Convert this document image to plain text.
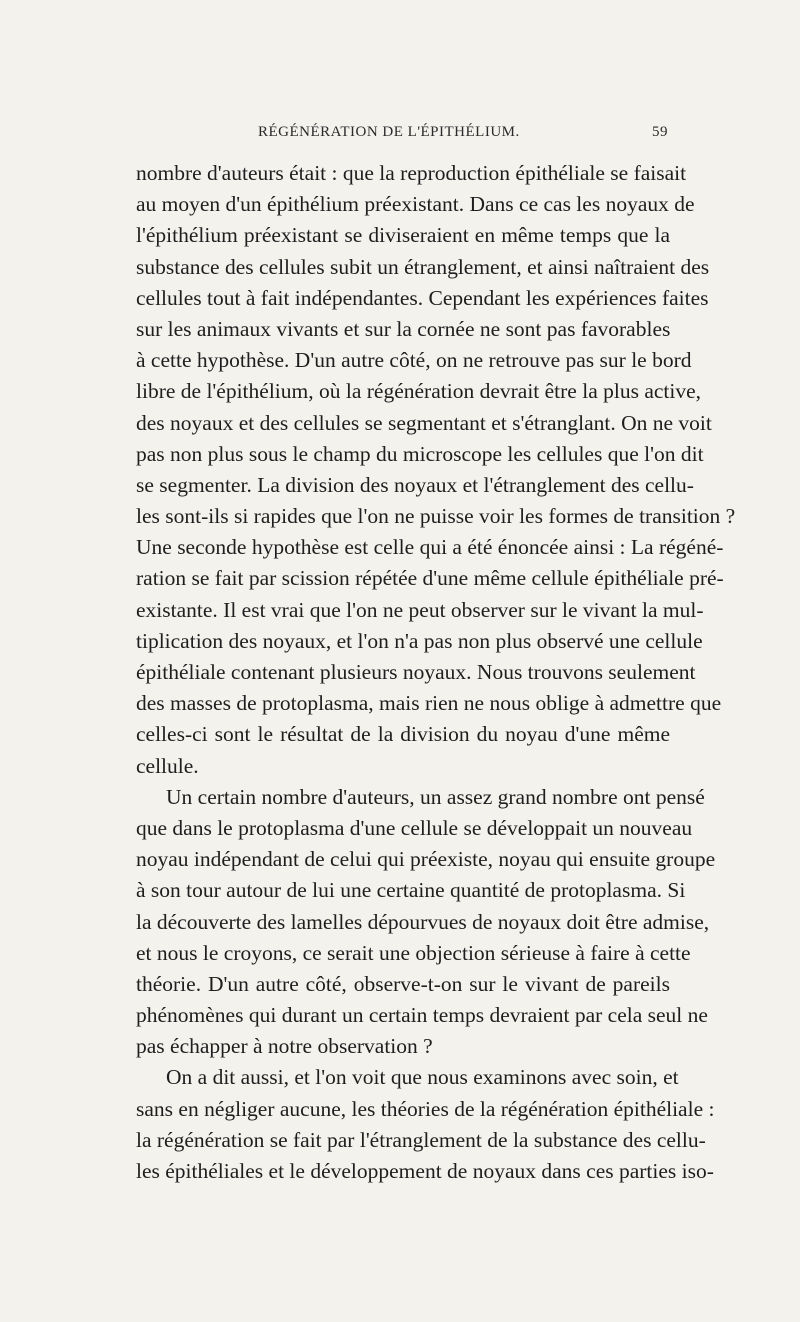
RÉGÉNÉRATION DE L'ÉPITHÉLIUM.	59
nombre d'auteurs était : que la reproduction épithéliale se faisait
au moyen d'un épithélium préexistant. Dans ce cas les noyaux de
l'épithélium préexistant se diviseraient en même temps que la
substance des cellules subit un étranglement, et ainsi naîtraient des
cellules tout à fait indépendantes. Cependant les expériences faites
sur les animaux vivants et sur la cornée ne sont pas favorables
à cette hypothèse. D'un autre côté, on ne retrouve pas sur le bord
libre de l'épithélium, où la régénération devrait être la plus active,
des noyaux et des cellules se segmentant et s'étranglant. On ne voit
pas non plus sous le champ du microscope les cellules que l'on dit
se segmenter. La division des noyaux et l'étranglement des cellu-
les sont-ils si rapides que l'on ne puisse voir les formes de transition ?
Une seconde hypothèse est celle qui a été énoncée ainsi : La régéné-
ration se fait par scission répétée d'une même cellule épithéliale pré-
existante. Il est vrai que l'on ne peut observer sur le vivant la mul-
tiplication des noyaux, et l'on n'a pas non plus observé une cellule
épithéliale contenant plusieurs noyaux. Nous trouvons seulement
des masses de protoplasma, mais rien ne nous oblige à admettre que
celles-ci sont le résultat de la division du noyau d'une même
cellule.
Un certain nombre d'auteurs, un assez grand nombre ont pensé
que dans le protoplasma d'une cellule se développait un nouveau
noyau indépendant de celui qui préexiste, noyau qui ensuite groupe
à son tour autour de lui une certaine quantité de protoplasma. Si
la découverte des lamelles dépourvues de noyaux doit être admise,
et nous le croyons, ce serait une objection sérieuse à faire à cette
théorie. D'un autre côté, observe-t-on sur le vivant de pareils
phénomènes qui durant un certain temps devraient par cela seul ne
pas échapper à notre observation ?
On a dit aussi, et l'on voit que nous examinons avec soin, et
sans en négliger aucune, les théories de la régénération épithéliale :
la régénération se fait par l'étranglement de la substance des cellu-
les épithéliales et le développement de noyaux dans ces parties iso-
